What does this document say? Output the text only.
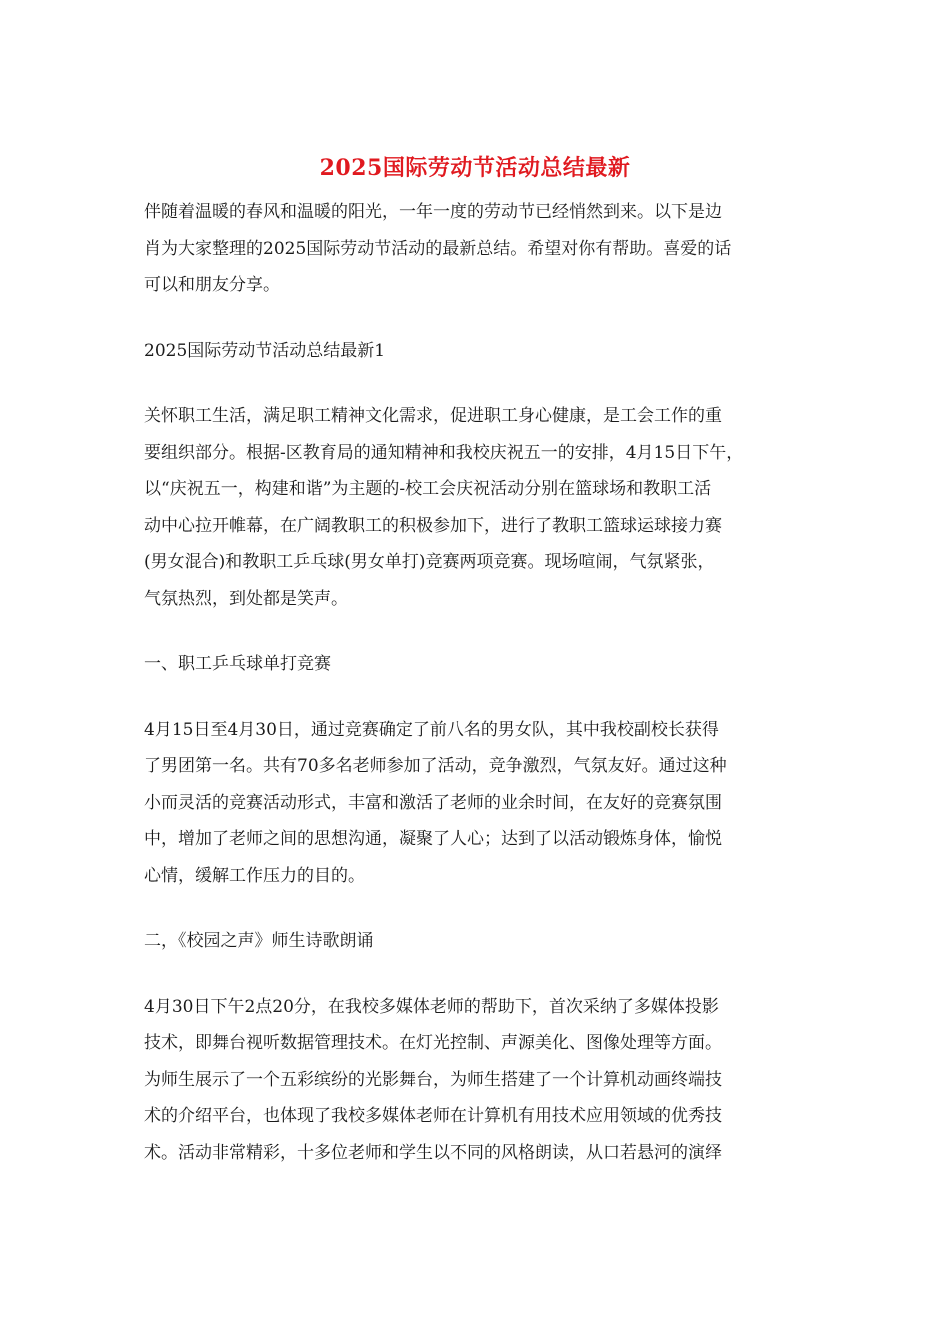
2025国际劳动节活动总结最新

伴随着温暖的春风和温暖的阳光，一年一度的劳动节已经悄然到来。以下是边
肖为大家整理的2025国际劳动节活动的最新总结。希望对你有帮助。喜爱的话
可以和朋友分享。

2025国际劳动节活动总结最新1

关怀职工生活，满足职工精神文化需求，促进职工身心健康，是工会工作的重
要组织部分。根据-区教育局的通知精神和我校庆祝五一的安排，4月15日下午，
以“庆祝五一，构建和谐”为主题的-校工会庆祝活动分别在篮球场和教职工活
动中心拉开帷幕，在广阔教职工的积极参加下，进行了教职工篮球运球接力赛
(男女混合)和教职工乒乓球(男女单打)竞赛两项竞赛。现场喧闹，气氛紧张，
气氛热烈，到处都是笑声。

一、职工乒乓球单打竞赛

4月15日至4月30日，通过竞赛确定了前八名的男女队，其中我校副校长获得
了男团第一名。共有70多名老师参加了活动，竞争激烈，气氛友好。通过这种
小而灵活的竞赛活动形式，丰富和激活了老师的业余时间，在友好的竞赛氛围
中，增加了老师之间的思想沟通，凝聚了人心；达到了以活动锻炼身体，愉悦
心情，缓解工作压力的目的。

二，《校园之声》师生诗歌朗诵

4月30日下午2点20分，在我校多媒体老师的帮助下，首次采纳了多媒体投影
技术，即舞台视听数据管理技术。在灯光控制、声源美化、图像处理等方面。
为师生展示了一个五彩缤纷的光影舞台，为师生搭建了一个计算机动画终端技
术的介绍平台，也体现了我校多媒体老师在计算机有用技术应用领域的优秀技
术。活动非常精彩，十多位老师和学生以不同的风格朗读，从口若悬河的演绎
